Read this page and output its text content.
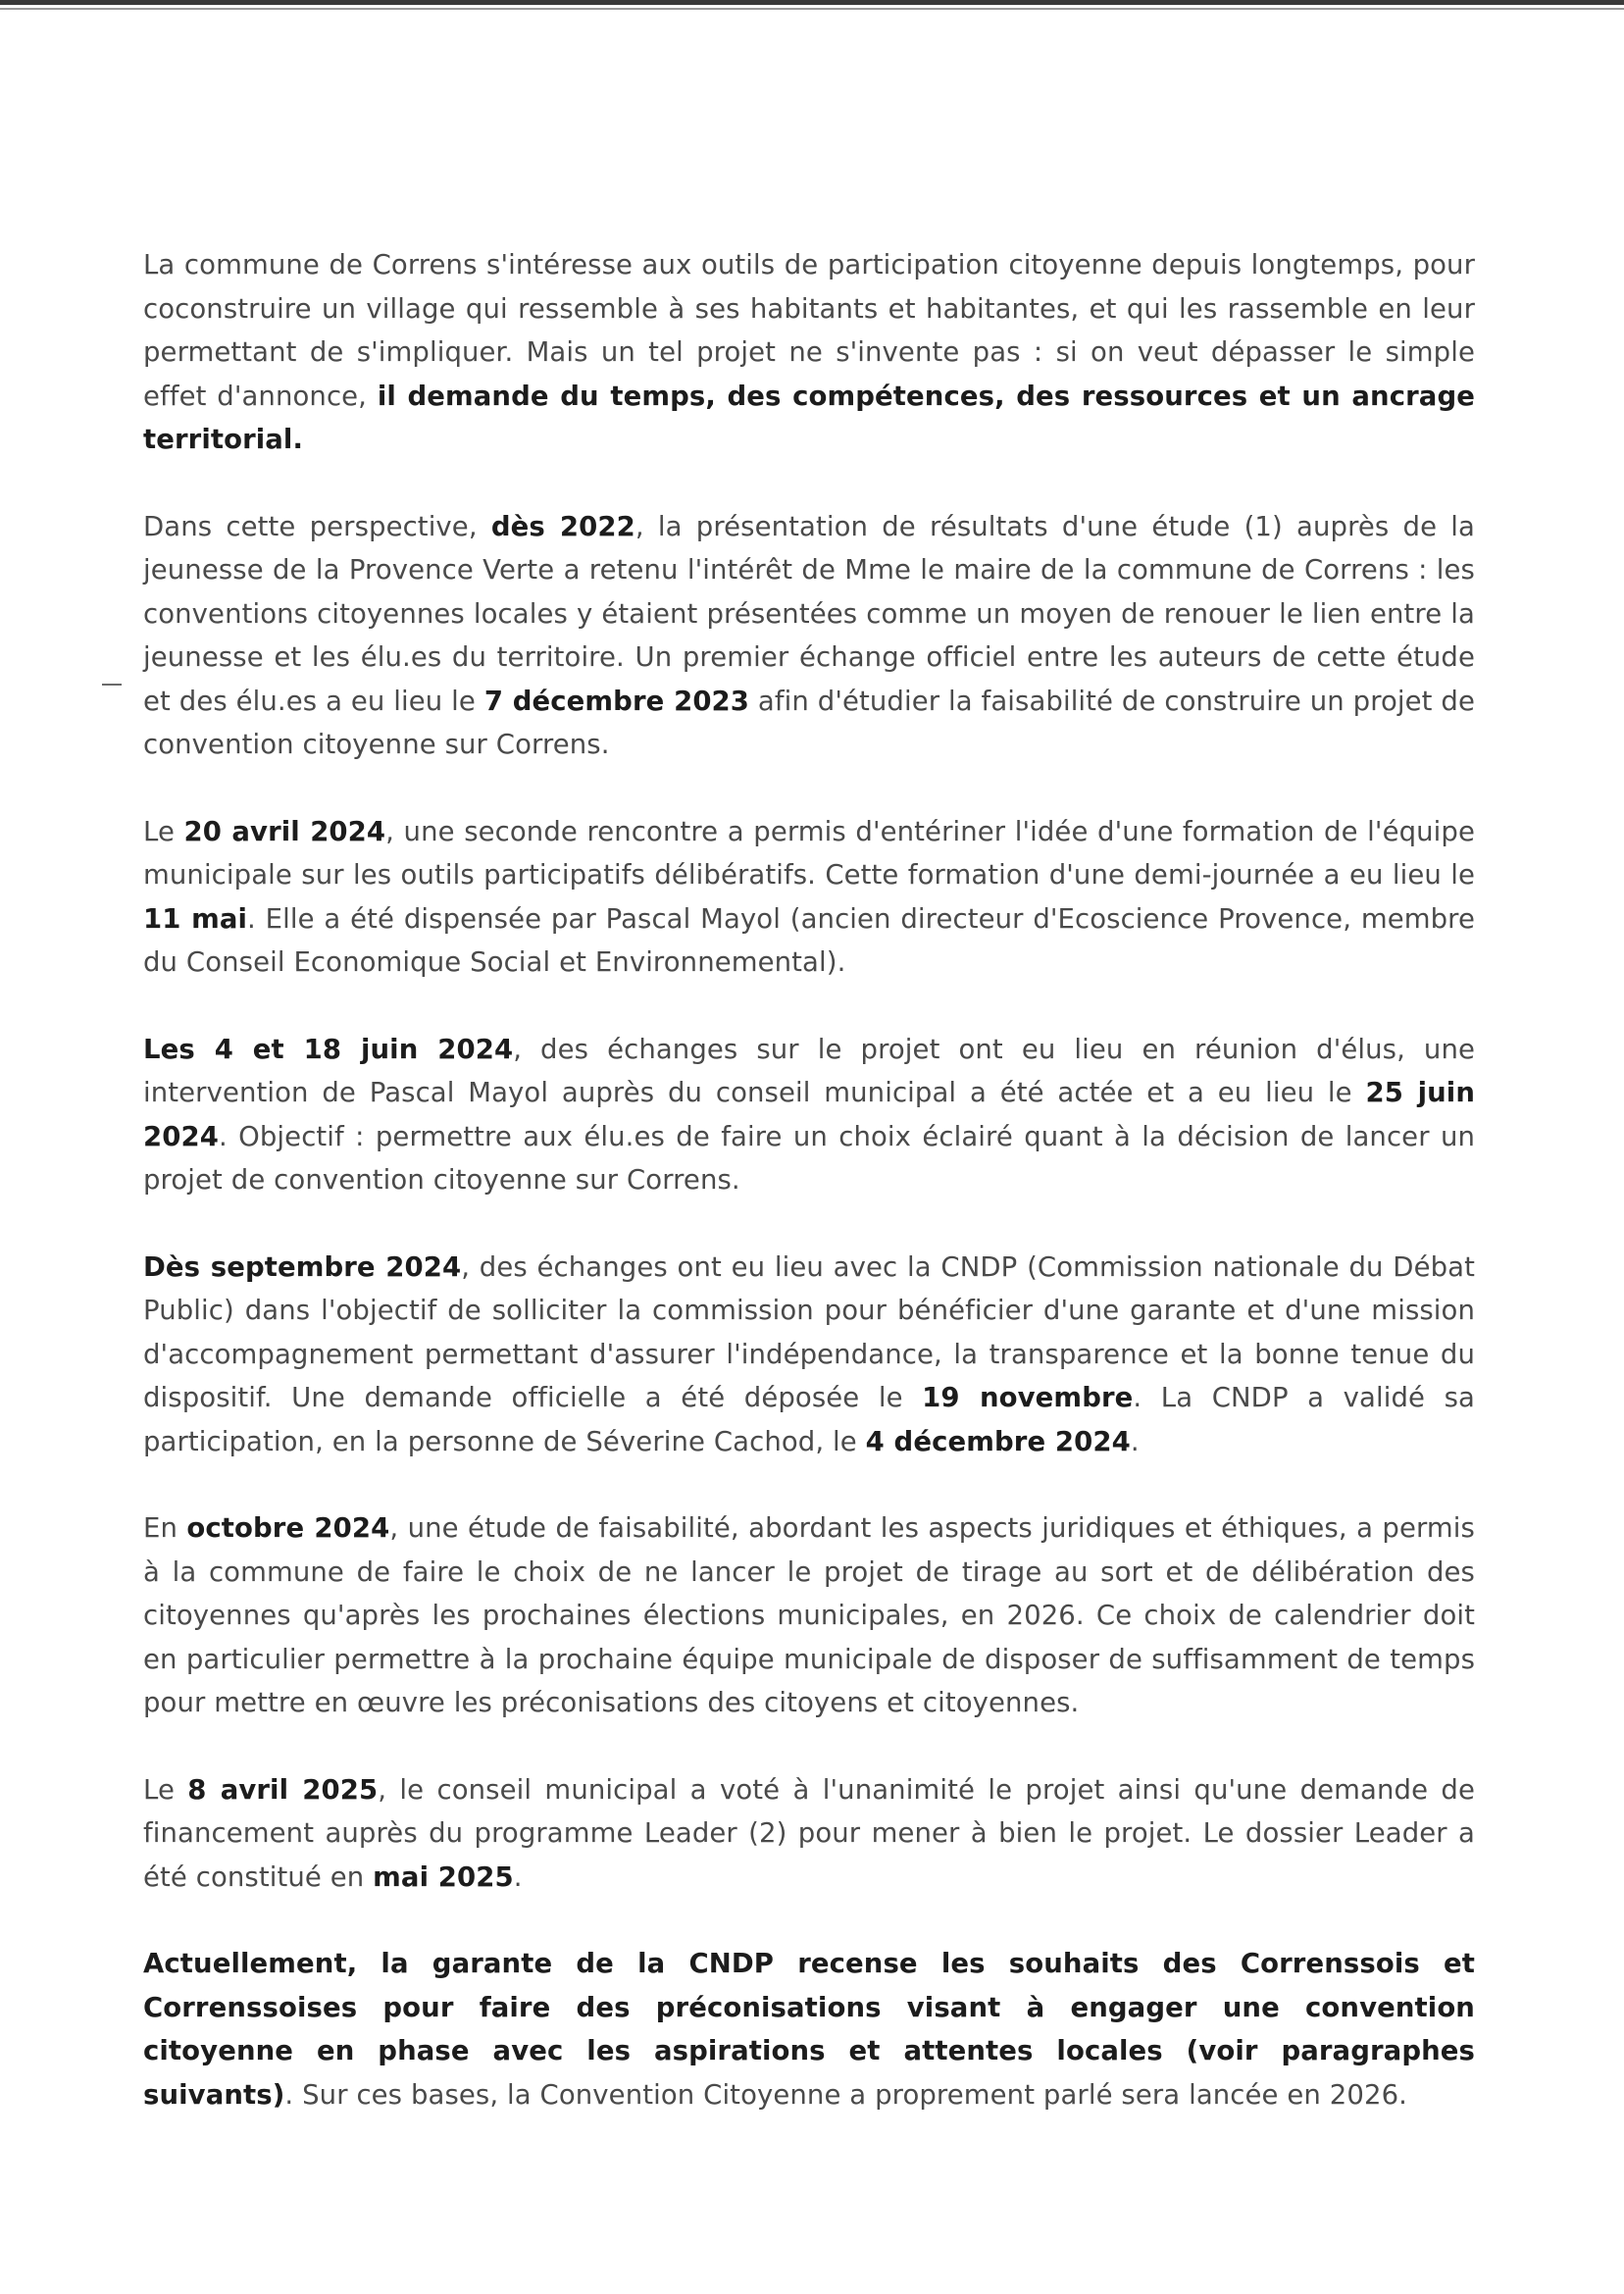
La commune de Correns s'intéresse aux outils de participation citoyenne depuis longtemps, pour coconstruire un village qui ressemble à ses habitants et habitantes, et qui les rassemble en leur permettant de s'impliquer. Mais un tel projet ne s'invente pas : si on veut dépasser le simple effet d'annonce, il demande du temps, des compétences, des ressources et un ancrage territorial.

Dans cette perspective, dès 2022, la présentation de résultats d'une étude (1) auprès de la jeunesse de la Provence Verte a retenu l'intérêt de Mme le maire de la commune de Correns : les conventions citoyennes locales y étaient présentées comme un moyen de renouer le lien entre la jeunesse et les élu.es du territoire. Un premier échange officiel entre les auteurs de cette étude et des élu.es a eu lieu le 7 décembre 2023 afin d'étudier la faisabilité de construire un projet de convention citoyenne sur Correns.

Le 20 avril 2024, une seconde rencontre a permis d'entériner l'idée d'une formation de l'équipe municipale sur les outils participatifs délibératifs. Cette formation d'une demi-journée a eu lieu le 11 mai. Elle a été dispensée par Pascal Mayol (ancien directeur d'Ecoscience Provence, membre du Conseil Economique Social et Environnemental).

Les 4 et 18 juin 2024, des échanges sur le projet ont eu lieu en réunion d'élus, une intervention de Pascal Mayol auprès du conseil municipal a été actée et a eu lieu le 25 juin 2024. Objectif : permettre aux élu.es de faire un choix éclairé quant à la décision de lancer un projet de convention citoyenne sur Correns.

Dès septembre 2024, des échanges ont eu lieu avec la CNDP (Commission nationale du Débat Public) dans l'objectif de solliciter la commission pour bénéficier d'une garante et d'une mission d'accompagnement permettant d'assurer l'indépendance, la transparence et la bonne tenue du dispositif. Une demande officielle a été déposée le 19 novembre. La CNDP a validé sa participation, en la personne de Séverine Cachod, le 4 décembre 2024.

En octobre 2024, une étude de faisabilité, abordant les aspects juridiques et éthiques, a permis à la commune de faire le choix de ne lancer le projet de tirage au sort et de délibération des citoyennes qu'après les prochaines élections municipales, en 2026. Ce choix de calendrier doit en particulier permettre à la prochaine équipe municipale de disposer de suffisamment de temps pour mettre en œuvre les préconisations des citoyens et citoyennes.

Le 8 avril 2025, le conseil municipal a voté à l'unanimité le projet ainsi qu'une demande de financement auprès du programme Leader (2) pour mener à bien le projet. Le dossier Leader a été constitué en mai 2025.

Actuellement, la garante de la CNDP recense les souhaits des Correnssois et Correnssoises pour faire des préconisations visant à engager une convention citoyenne en phase avec les aspirations et attentes locales (voir paragraphes suivants). Sur ces bases, la Convention Citoyenne a proprement parlé sera lancée en 2026.
